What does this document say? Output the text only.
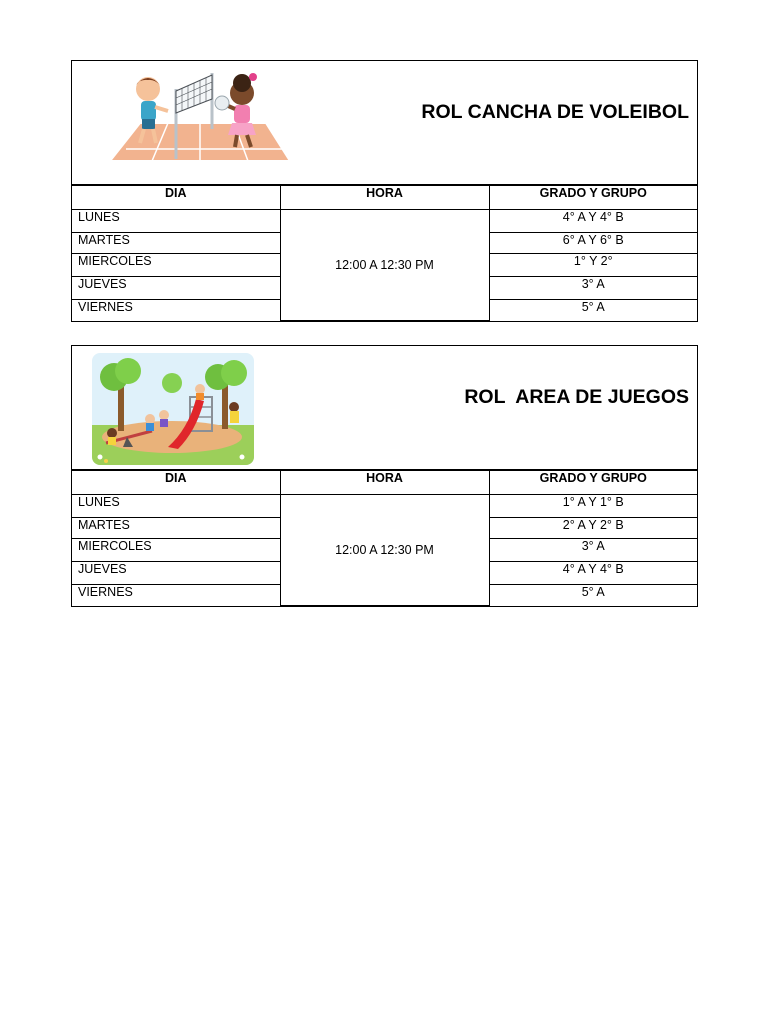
ROL CANCHA DE VOLEIBOL
DIA	HORA	GRADO Y GRUPO
LUNES	12:00 A 12:30 PM	4° A Y 4° B
MARTES		6° A Y 6° B
MIERCOLES		1° Y 2°
JUEVES		3° A
VIERNES		5° A
ROL  AREA DE JUEGOS
DIA	HORA	GRADO Y GRUPO
LUNES	12:00 A 12:30 PM	1° A Y 1° B
MARTES		2° A Y 2° B
MIERCOLES		3° A
JUEVES		4° A Y 4° B
VIERNES		5° A
